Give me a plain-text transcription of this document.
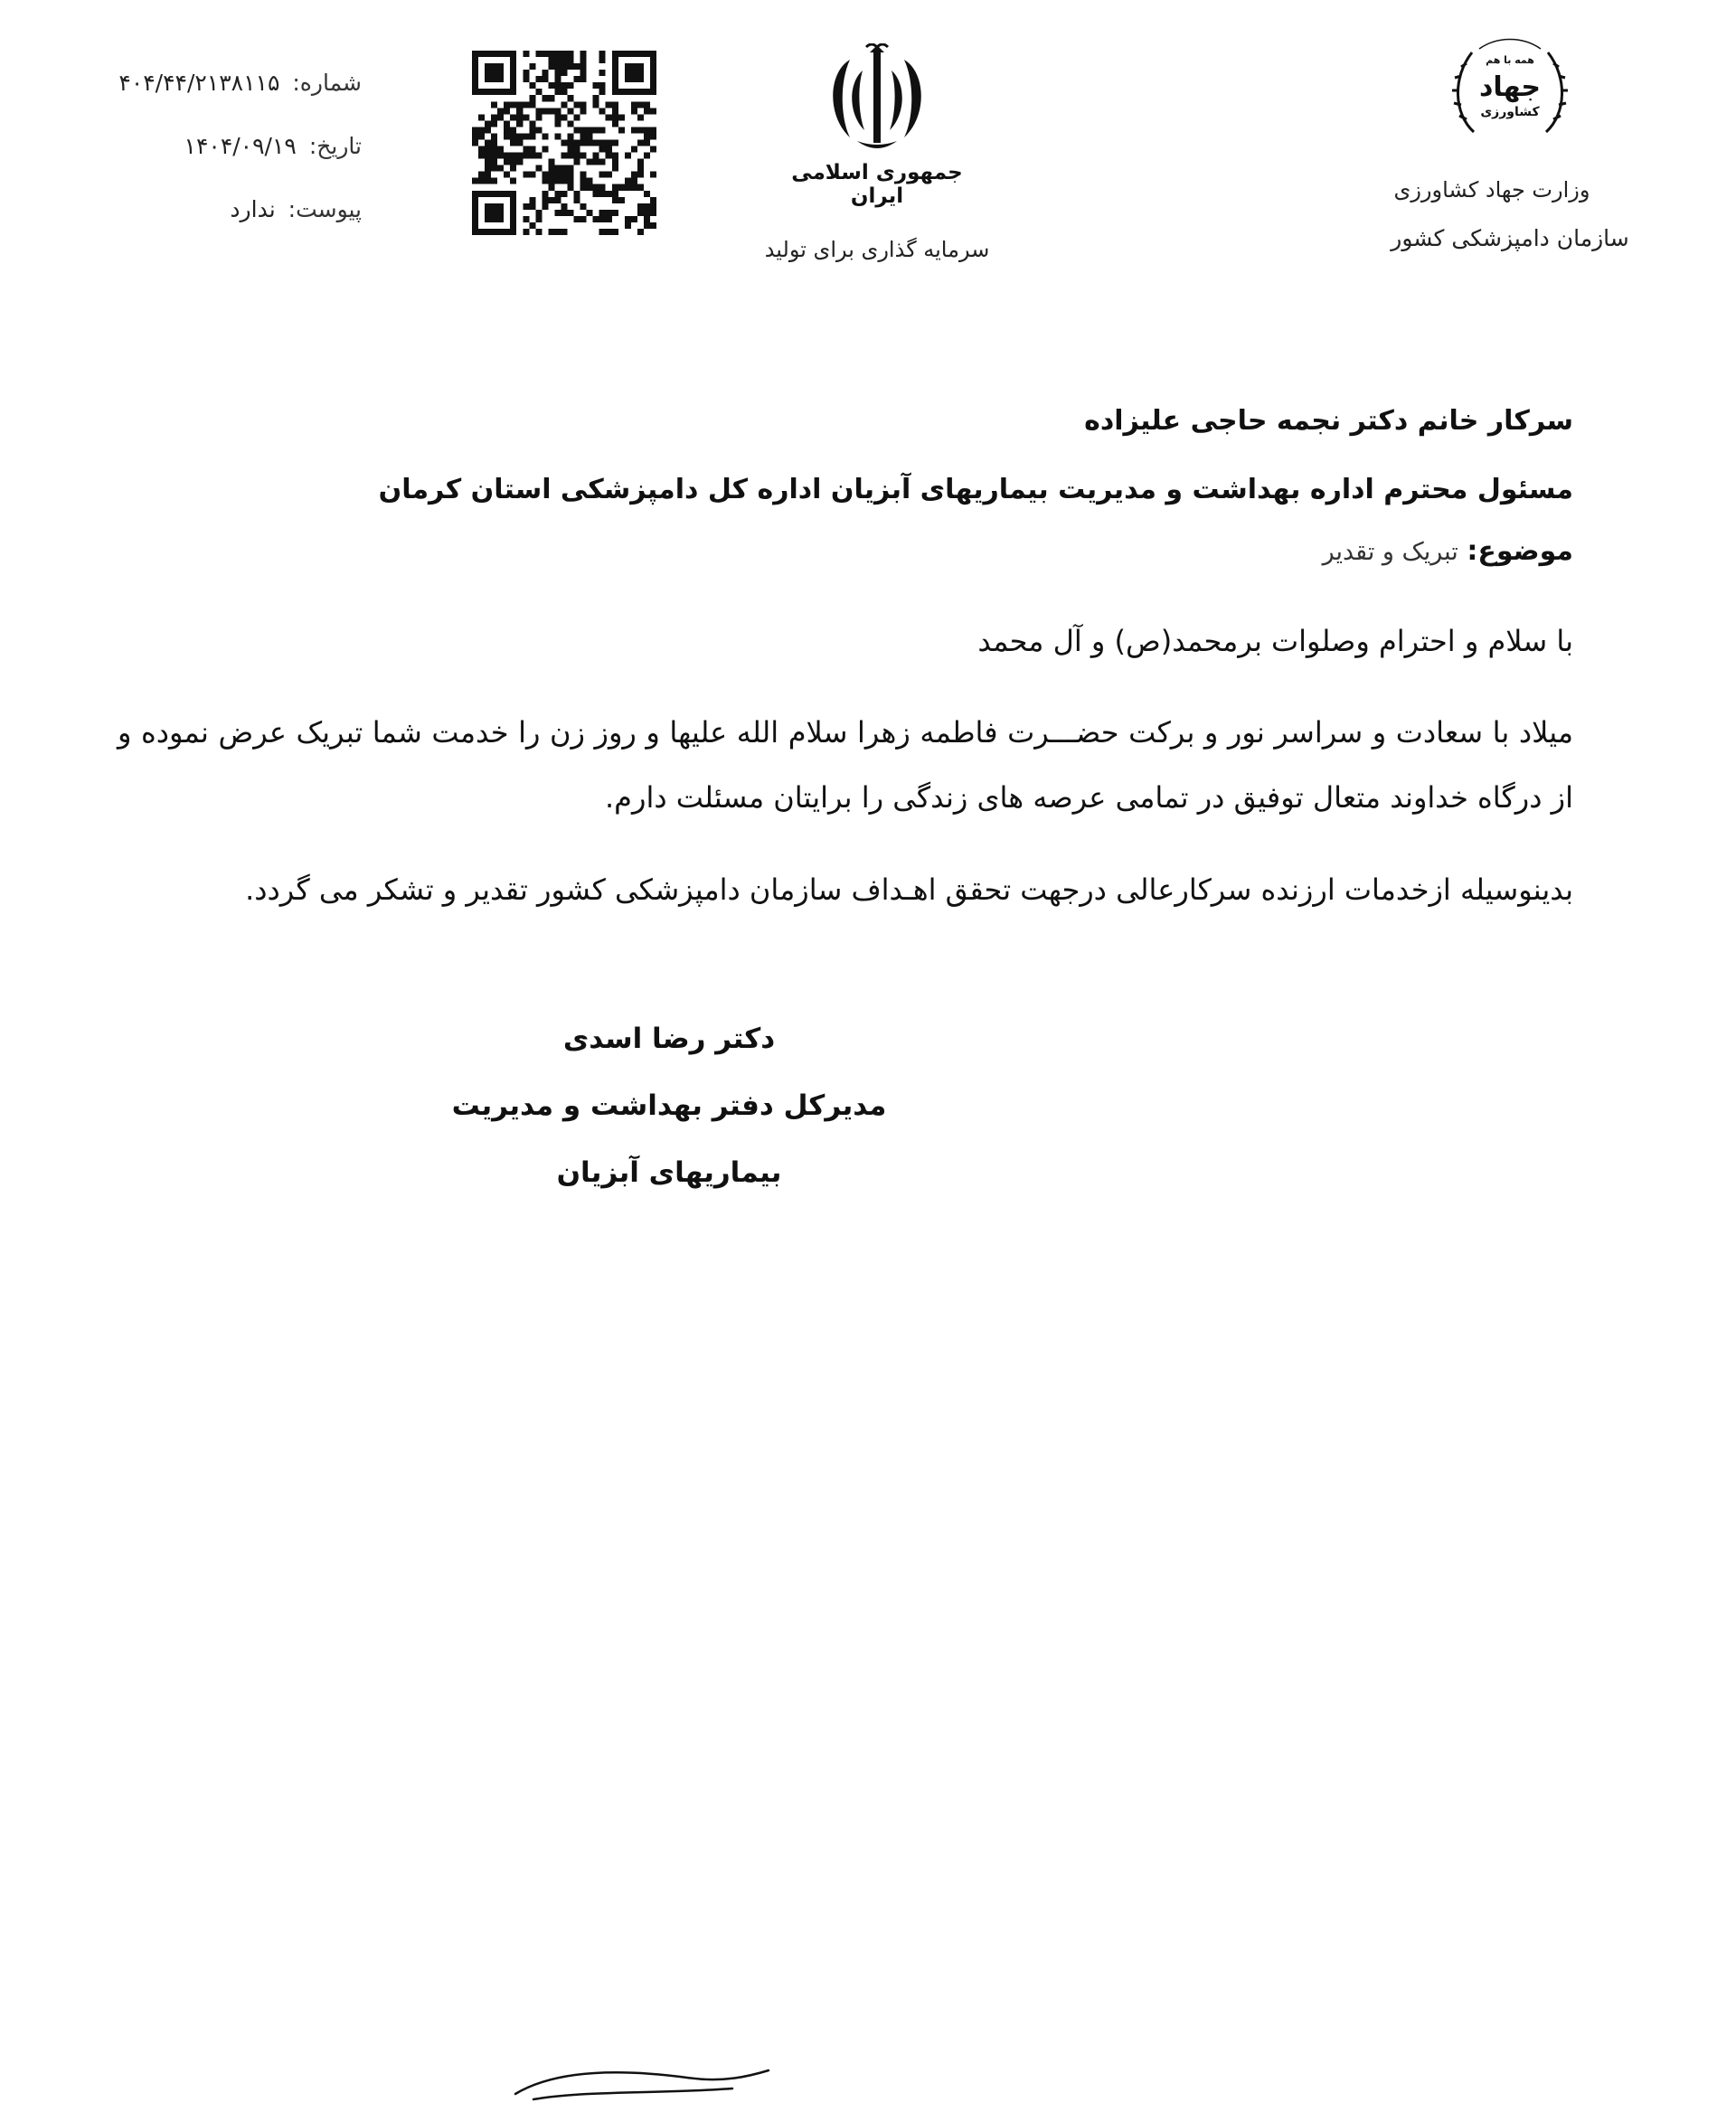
شماره:
۴۰۴/۴۴/۲۱۳۸۱۱۵
تاریخ:
۱۴۰۴/۰۹/۱۹
پیوست:
ندارد
جمهوری اسلامی ایران
سرمایه گذاری برای تولید
همه با هم
جهاد
کشاورزی
وزارت جهاد کشاورزی
سازمان دامپزشکی کشور
سرکار خانم دکتر نجمه حاجی علیزاده
مسئول محترم اداره بهداشت و مدیریت بیماریهای آبزیان اداره کل دامپزشکی استان کرمان
موضوع: تبریک و تقدیر
با سلام و احترام وصلوات برمحمد(ص) و آل محمد
میلاد با سعادت و سراسر نور و برکت حضـــرت فاطمه زهرا سلام الله علیها و روز زن را خدمت شما تبریک عرض نموده و از درگاه خداوند متعال توفیق در تمامی عرصه های زندگی را برایتان مسئلت دارم.
بدینوسیله ازخدمات ارزنده سرکارعالی درجهت تحقق اهـداف سازمان دامپزشکی کشور تقدیر و تشکر می گردد.
دکتر رضا اسدی
مدیرکل دفتر بهداشت و مدیریت
بیماریهای آبزیان
